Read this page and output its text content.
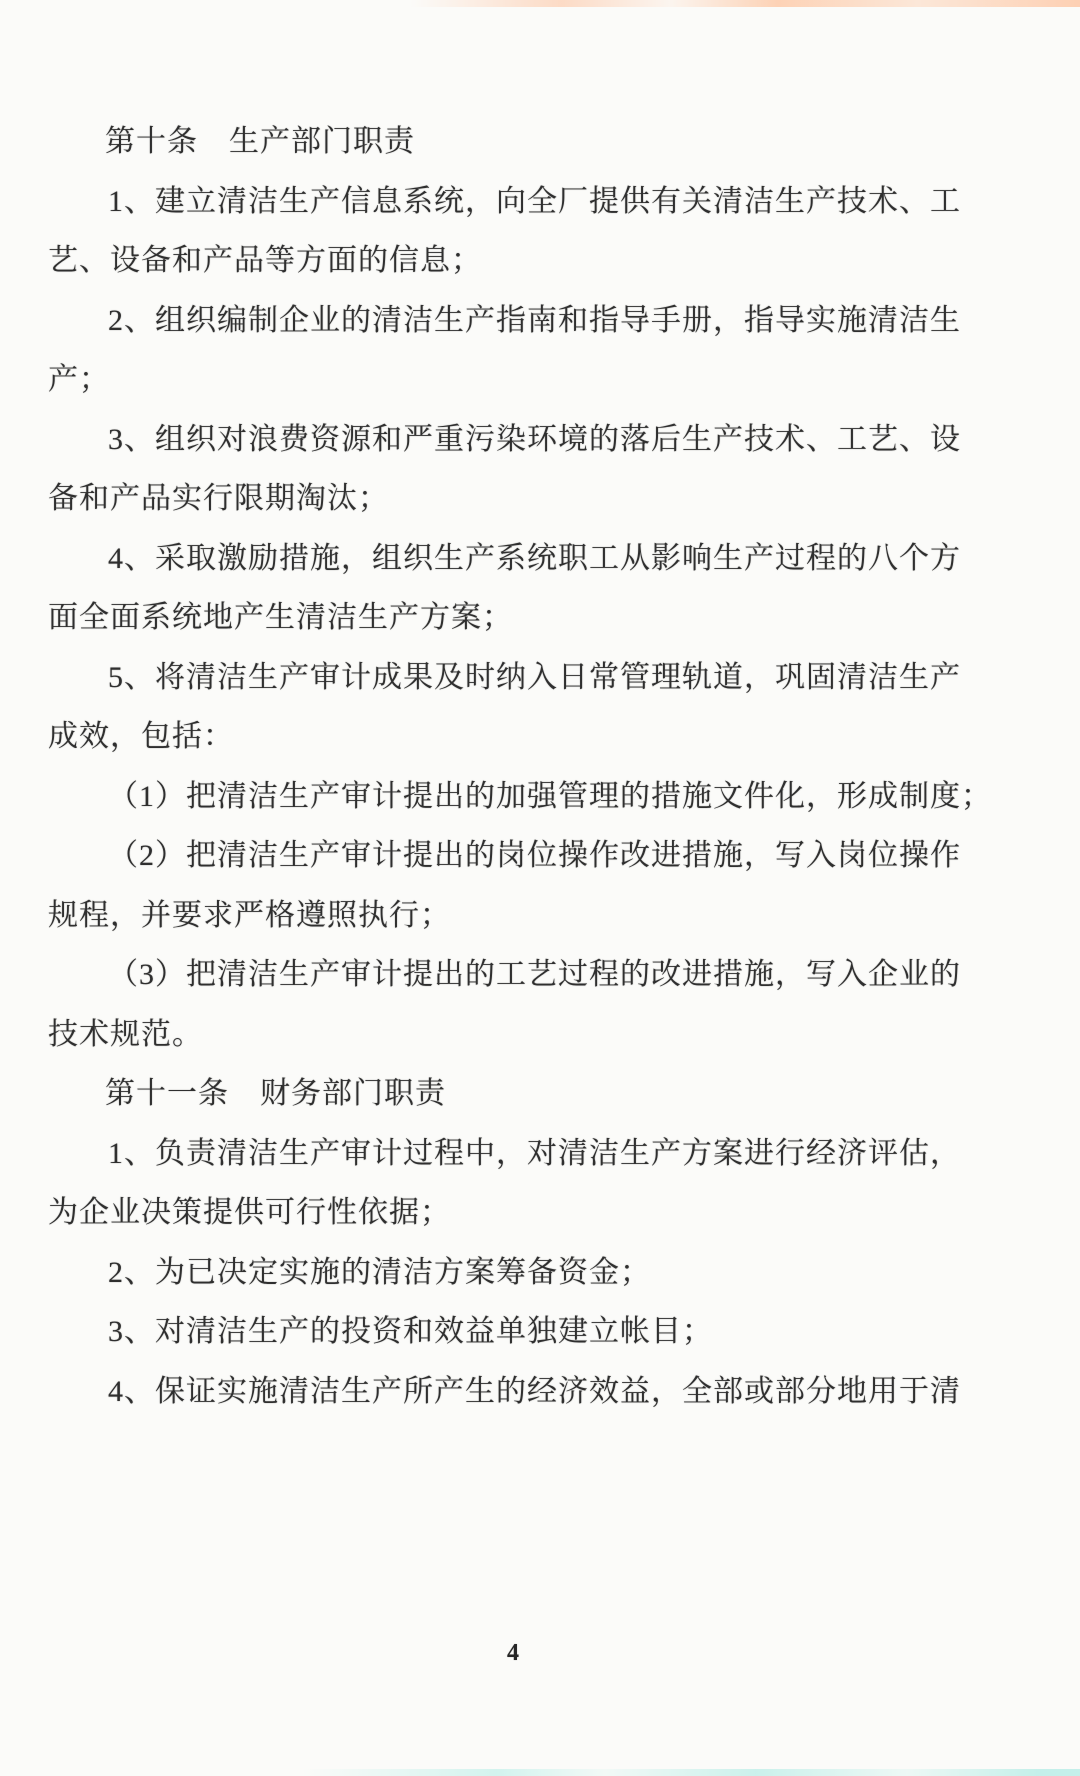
第十条　生产部门职责
1、建立清洁生产信息系统，向全厂提供有关清洁生产技术、工
艺、设备和产品等方面的信息；
2、组织编制企业的清洁生产指南和指导手册，指导实施清洁生
产；
3、组织对浪费资源和严重污染环境的落后生产技术、工艺、设
备和产品实行限期淘汰；
4、采取激励措施，组织生产系统职工从影响生产过程的八个方
面全面系统地产生清洁生产方案；
5、将清洁生产审计成果及时纳入日常管理轨道，巩固清洁生产
成效，包括：
（1）把清洁生产审计提出的加强管理的措施文件化，形成制度；
（2）把清洁生产审计提出的岗位操作改进措施，写入岗位操作
规程，并要求严格遵照执行；
（3）把清洁生产审计提出的工艺过程的改进措施，写入企业的
技术规范。
第十一条　财务部门职责
1、负责清洁生产审计过程中，对清洁生产方案进行经济评估，
为企业决策提供可行性依据；
2、为已决定实施的清洁方案筹备资金；
3、对清洁生产的投资和效益单独建立帐目；
4、保证实施清洁生产所产生的经济效益，全部或部分地用于清
4
